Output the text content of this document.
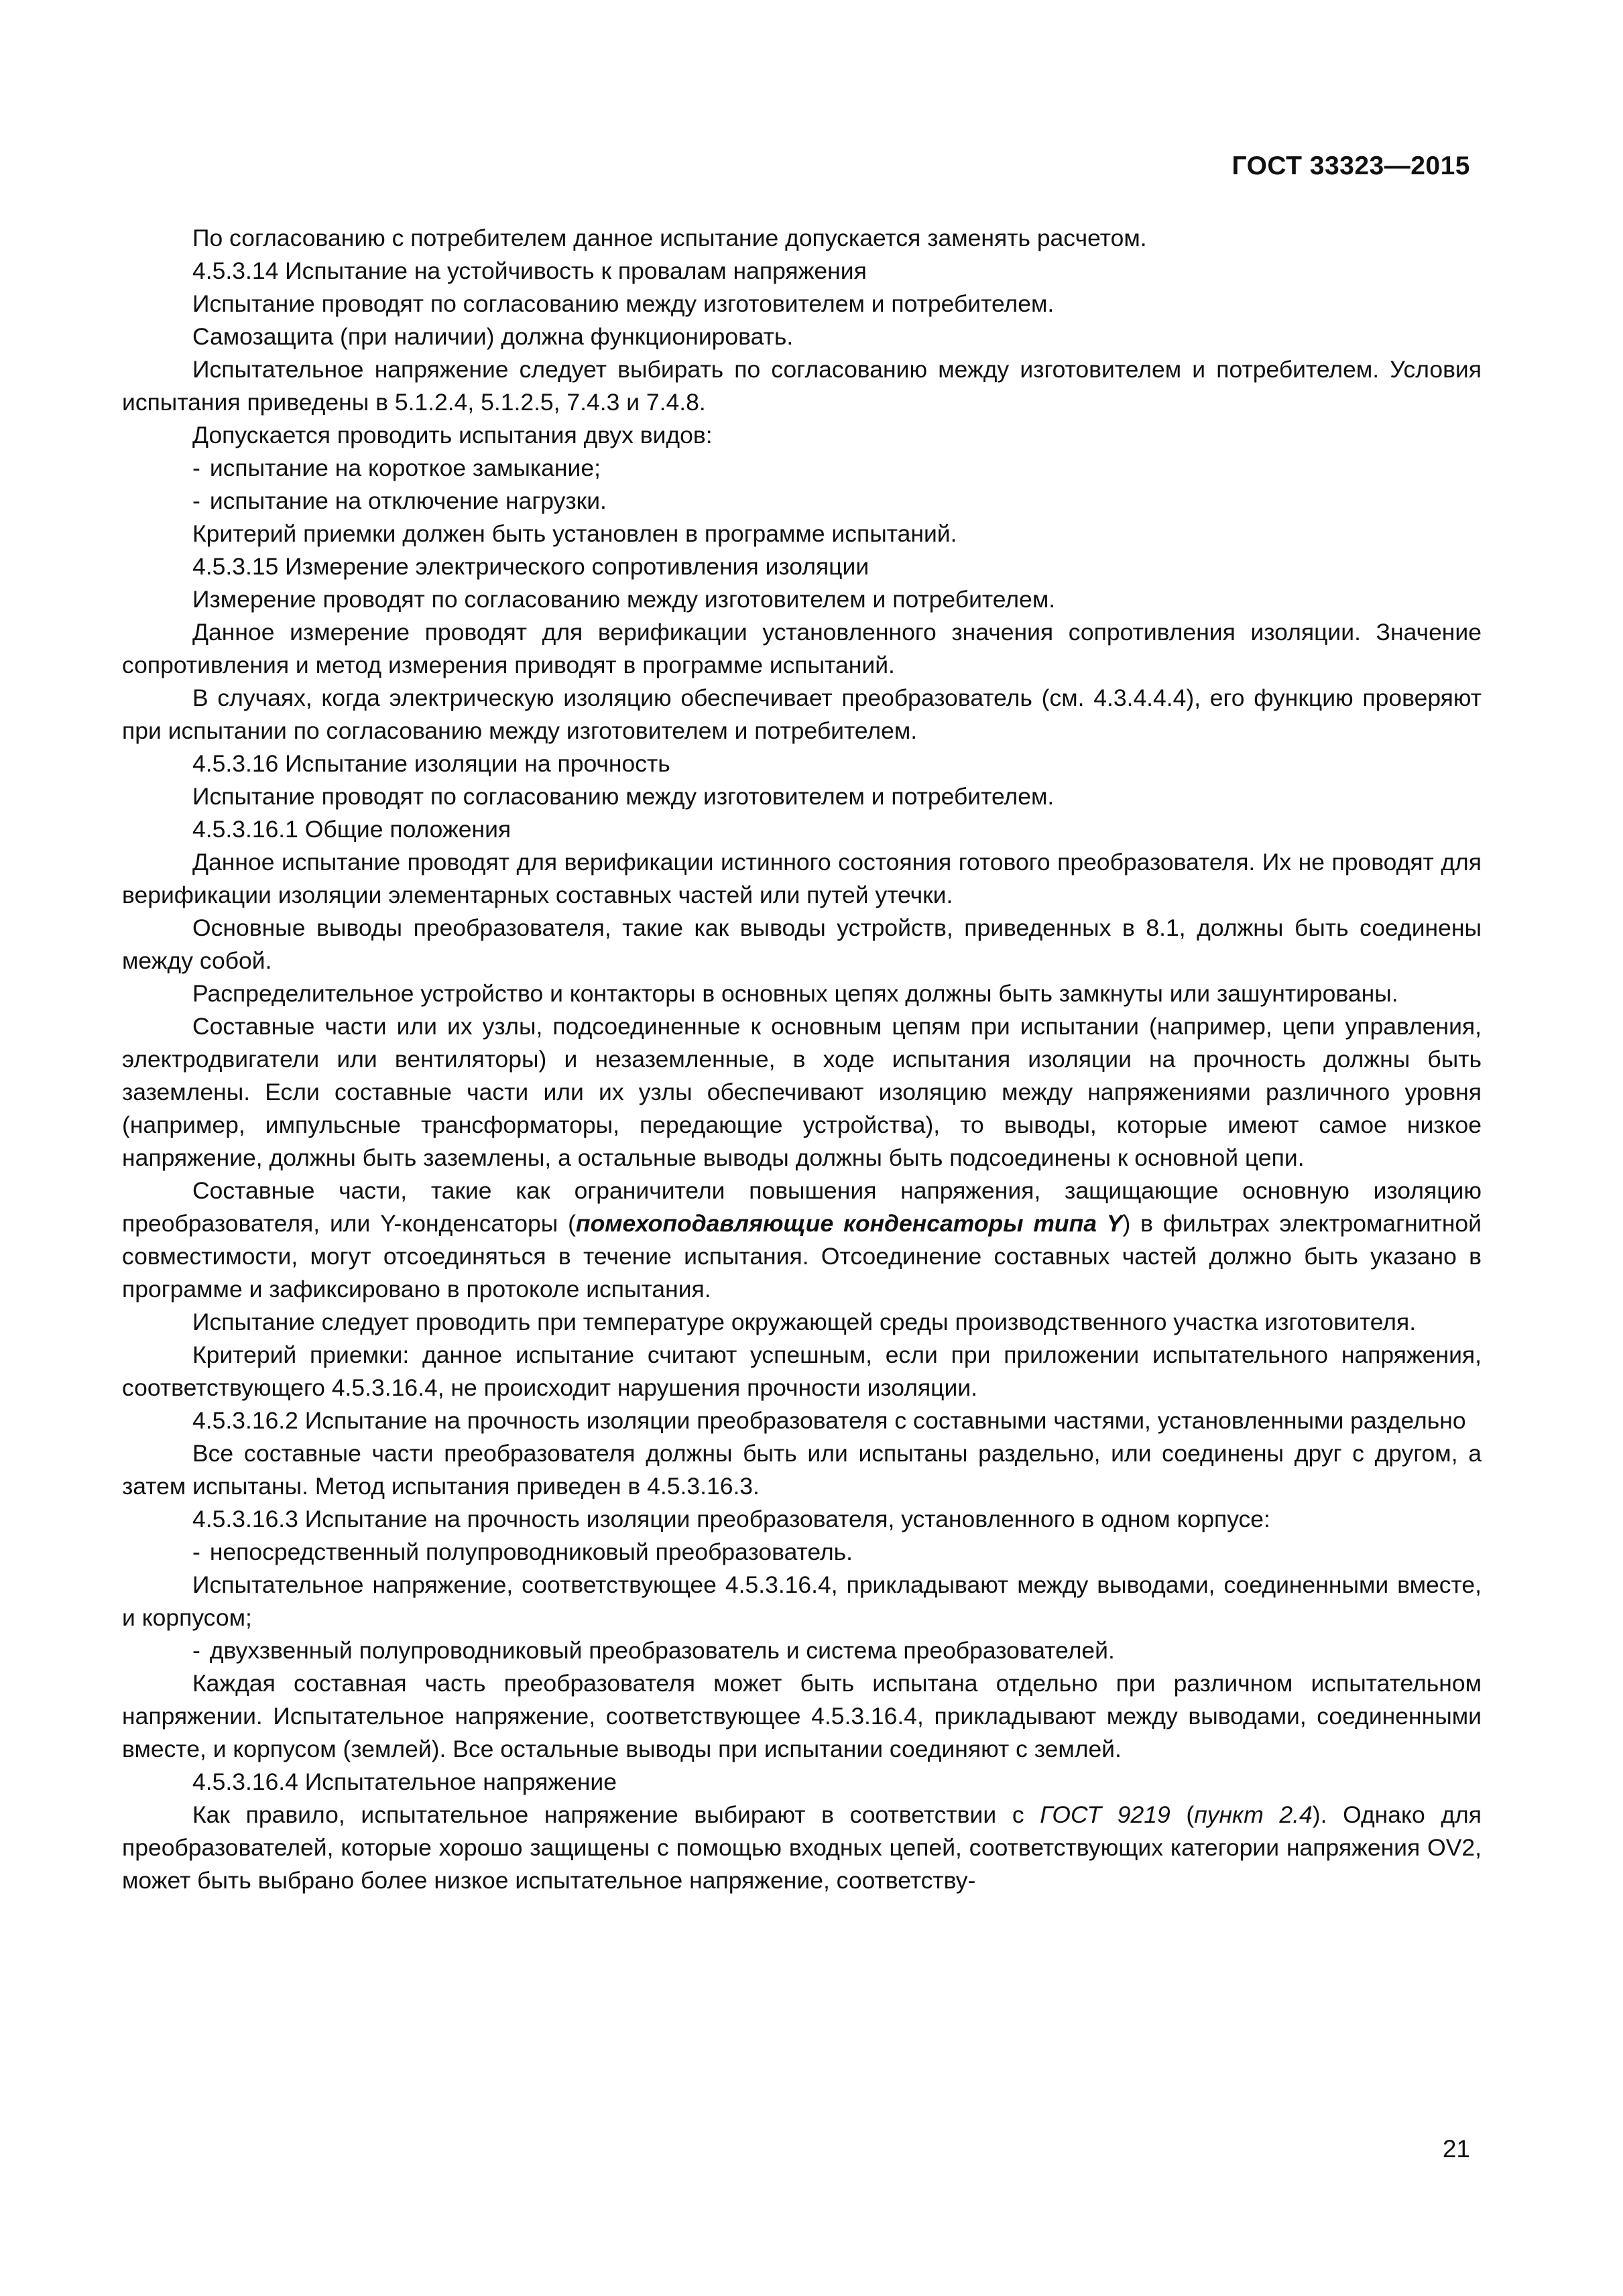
ГОСТ 33323—2015

По согласованию с потребителем данное испытание допускается заменять расчетом.

4.5.3.14 Испытание на устойчивость к провалам напряжения

Испытание проводят по согласованию между изготовителем и потребителем.

Самозащита (при наличии) должна функционировать.

Испытательное напряжение следует выбирать по согласованию между изготовителем и потребителем. Условия испытания приведены в 5.1.2.4, 5.1.2.5, 7.4.3 и 7.4.8.

Допускается проводить испытания двух видов:

- испытание на короткое замыкание;

- испытание на отключение нагрузки.

Критерий приемки должен быть установлен в программе испытаний.

4.5.3.15 Измерение электрического сопротивления изоляции

Измерение проводят по согласованию между изготовителем и потребителем.

Данное измерение проводят для верификации установленного значения сопротивления изоляции. Значение сопротивления и метод измерения приводят в программе испытаний.

В случаях, когда электрическую изоляцию обеспечивает преобразователь (см. 4.3.4.4.4), его функцию проверяют при испытании по согласованию между изготовителем и потребителем.

4.5.3.16 Испытание изоляции на прочность

Испытание проводят по согласованию между изготовителем и потребителем.

4.5.3.16.1 Общие положения

Данное испытание проводят для верификации истинного состояния готового преобразователя. Их не проводят для верификации изоляции элементарных составных частей или путей утечки.

Основные выводы преобразователя, такие как выводы устройств, приведенных в 8.1, должны быть соединены между собой.

Распределительное устройство и контакторы в основных цепях должны быть замкнуты или зашунтированы.

Составные части или их узлы, подсоединенные к основным цепям при испытании (например, цепи управления, электродвигатели или вентиляторы) и незаземленные, в ходе испытания изоляции на прочность должны быть заземлены. Если составные части или их узлы обеспечивают изоляцию между напряжениями различного уровня (например, импульсные трансформаторы, передающие устройства), то выводы, которые имеют самое низкое напряжение, должны быть заземлены, а остальные выводы должны быть подсоединены к основной цепи.

Составные части, такие как ограничители повышения напряжения, защищающие основную изоляцию преобразователя, или Y-конденсаторы (помехоподавляющие конденсаторы типа Y) в фильтрах электромагнитной совместимости, могут отсоединяться в течение испытания. Отсоединение составных частей должно быть указано в программе и зафиксировано в протоколе испытания.

Испытание следует проводить при температуре окружающей среды производственного участка изготовителя.

Критерий приемки: данное испытание считают успешным, если при приложении испытательного напряжения, соответствующего 4.5.3.16.4, не происходит нарушения прочности изоляции.

4.5.3.16.2 Испытание на прочность изоляции преобразователя с составными частями, установленными раздельно

Все составные части преобразователя должны быть или испытаны раздельно, или соединены друг с другом, а затем испытаны. Метод испытания приведен в 4.5.3.16.3.

4.5.3.16.3 Испытание на прочность изоляции преобразователя, установленного в одном корпусе:

- непосредственный полупроводниковый преобразователь.

Испытательное напряжение, соответствующее 4.5.3.16.4, прикладывают между выводами, соединенными вместе, и корпусом;

- двухзвенный полупроводниковый преобразователь и система преобразователей.

Каждая составная часть преобразователя может быть испытана отдельно при различном испытательном напряжении. Испытательное напряжение, соответствующее 4.5.3.16.4, прикладывают между выводами, соединенными вместе, и корпусом (землей). Все остальные выводы при испытании соединяют с землей.

4.5.3.16.4 Испытательное напряжение

Как правило, испытательное напряжение выбирают в соответствии с ГОСТ 9219 (пункт 2.4). Однако для преобразователей, которые хорошо защищены с помощью входных цепей, соответствующих категории напряжения OV2, может быть выбрано более низкое испытательное напряжение, соответству-

21
